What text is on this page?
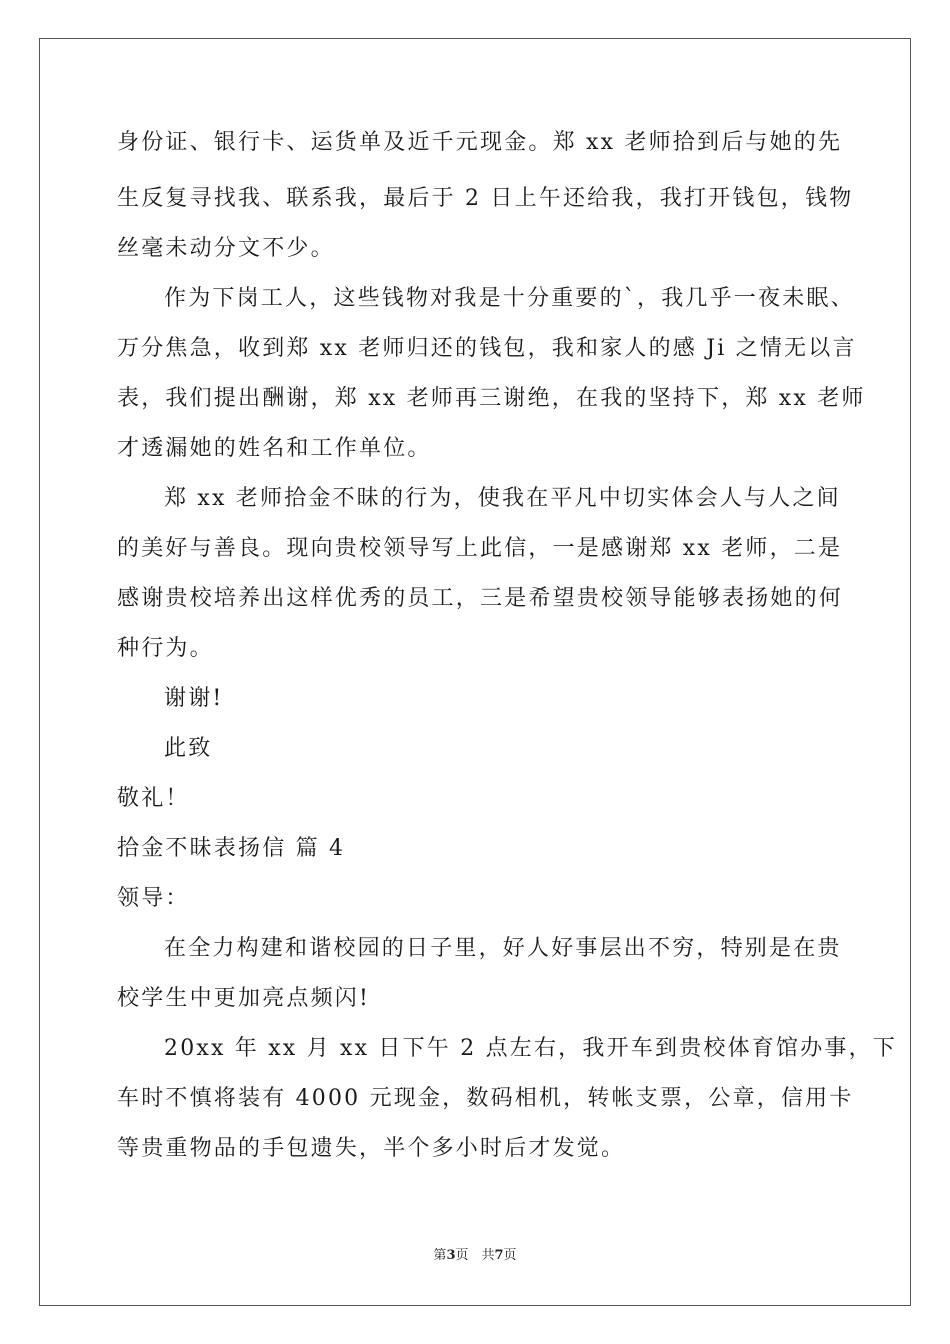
身份证、银行卡、运货单及近千元现金。郑 xx 老师拾到后与她的先
生反复寻找我、联系我，最后于 2 日上午还给我，我打开钱包，钱物
丝毫未动分文不少。
作为下岗工人，这些钱物对我是十分重要的`，我几乎一夜未眠、
万分焦急，收到郑 xx 老师归还的钱包，我和家人的感 Ji 之情无以言
表，我们提出酬谢，郑 xx 老师再三谢绝，在我的坚持下，郑 xx 老师
才透漏她的姓名和工作单位。
郑 xx 老师拾金不昧的行为，使我在平凡中切实体会人与人之间
的美好与善良。现向贵校领导写上此信，一是感谢郑 xx 老师，二是
感谢贵校培养出这样优秀的员工，三是希望贵校领导能够表扬她的何
种行为。
谢谢!
此致
敬礼！
拾金不昧表扬信 篇 4
领导：
在全力构建和谐校园的日子里，好人好事层出不穷，特别是在贵
校学生中更加亮点频闪!
20xx 年 xx 月 xx 日下午 2 点左右，我开车到贵校体育馆办事，下
车时不慎将装有 4000 元现金，数码相机，转帐支票，公章，信用卡
等贵重物品的手包遗失，半个多小时后才发觉。
第3页　共7页
